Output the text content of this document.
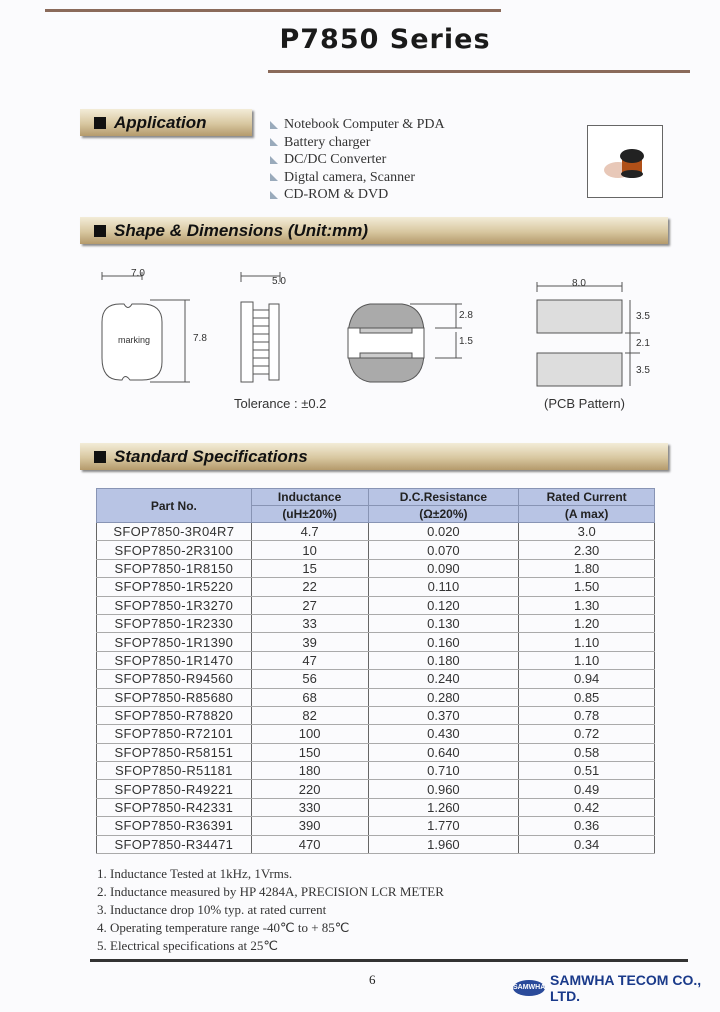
P7850 Series
Application	Notebook Computer & PDA
Battery charger
DC/DC Converter
Digtal camera, Scanner
CD-ROM & DVD
Shape & Dimensions (Unit:mm)
7.0
7.8
marking
5.0
2.8
1.5
8.0
3.5
2.1
3.5
Tolerance : ±0.2	(PCB Pattern)
Standard Specifications
Part No.	Inductance	D.C.Resistance	Rated Current
	(uH±20%)	(Ω±20%)	(A max)
SFOP7850-3R04R7	4.7	0.020	3.0
SFOP7850-2R3100	10	0.070	2.30
SFOP7850-1R8150	15	0.090	1.80
SFOP7850-1R5220	22	0.110	1.50
SFOP7850-1R3270	27	0.120	1.30
SFOP7850-1R2330	33	0.130	1.20
SFOP7850-1R1390	39	0.160	1.10
SFOP7850-1R1470	47	0.180	1.10
SFOP7850-R94560	56	0.240	0.94
SFOP7850-R85680	68	0.280	0.85
SFOP7850-R78820	82	0.370	0.78
SFOP7850-R72101	100	0.430	0.72
SFOP7850-R58151	150	0.640	0.58
SFOP7850-R51181	180	0.710	0.51
SFOP7850-R49221	220	0.960	0.49
SFOP7850-R42331	330	1.260	0.42
SFOP7850-R36391	390	1.770	0.36
SFOP7850-R34471	470	1.960	0.34
1. Inductance Tested at 1kHz, 1Vrms.
2. Inductance measured by HP 4284A, PRECISION LCR METER
3. Inductance drop 10% typ. at rated current
4. Operating temperature range -40℃ to + 85℃
5. Electrical specifications at 25℃
6
SAMWHA SAMWHA TECOM CO., LTD.
